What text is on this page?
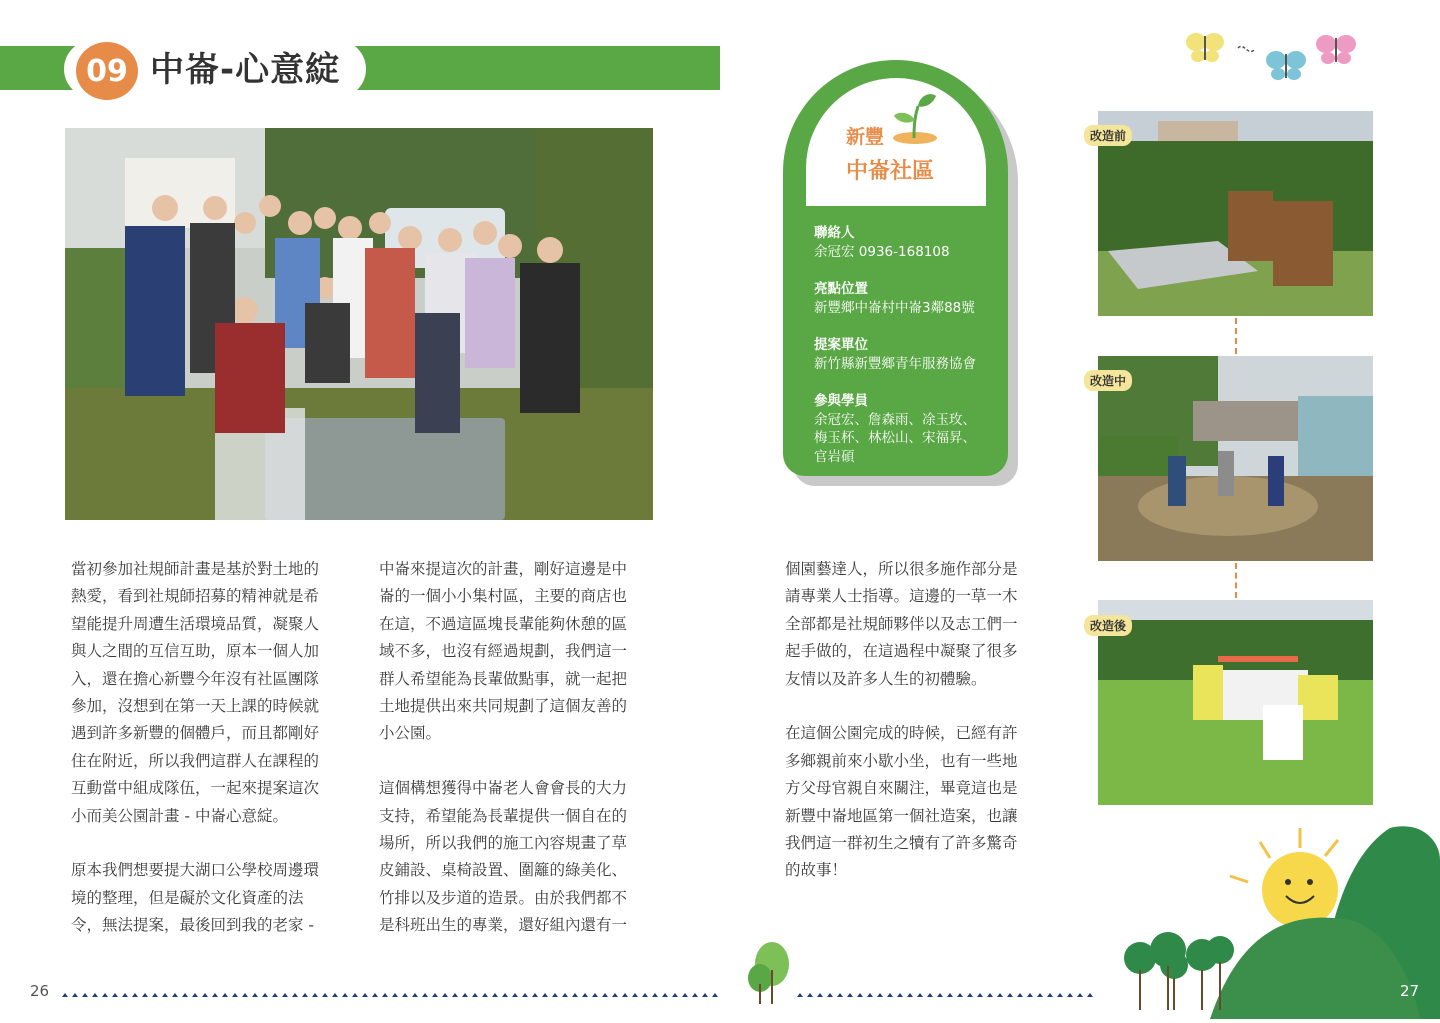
09 中崙-心意綻

當初參加社規師計畫是基於對土地的
熱愛，看到社規師招募的精神就是希
望能提升周遭生活環境品質，凝聚人
與人之間的互信互助，原本一個人加
入，還在擔心新豐今年沒有社區團隊
參加，沒想到在第一天上課的時候就
遇到許多新豐的個體戶，而且都剛好
住在附近，所以我們這群人在課程的
互動當中組成隊伍，一起來提案這次
小而美公園計畫 - 中崙心意綻。

原本我們想要提大湖口公學校周邊環
境的整理，但是礙於文化資產的法
令，無法提案，最後回到我的老家 -

中崙來提這次的計畫，剛好這邊是中
崙的一個小小集村區，主要的商店也
在這，不過這區塊長輩能夠休憩的區
域不多，也沒有經過規劃，我們這一
群人希望能為長輩做點事，就一起把
土地提供出來共同規劃了這個友善的
小公園。

這個構想獲得中崙老人會會長的大力
支持，希望能為長輩提供一個自在的
場所，所以我們的施工內容規畫了草
皮鋪設、桌椅設置、圍籬的綠美化、
竹排以及步道的造景。由於我們都不
是科班出生的專業，還好組內還有一

個園藝達人，所以很多施作部分是
請專業人士指導。這邊的一草一木
全部都是社規師夥伴以及志工們一
起手做的，在這過程中凝聚了很多
友情以及許多人生的初體驗。

在這個公園完成的時候，已經有許
多鄉親前來小歇小坐，也有一些地
方父母官親自來關注，畢竟這也是
新豐中崙地區第一個社造案，也讓
我們這一群初生之犢有了許多驚奇
的故事！

新豐
中崙社區
聯絡人
余冠宏 0936-168108
亮點位置
新豐鄉中崙村中崙3鄰88號
提案單位
新竹縣新豐鄉青年服務協會
參與學員
余冠宏、詹森雨、凃玉玫、
梅玉杯、林松山、宋福昇、
官岩碩
改造前
改造中
改造後
26	27
